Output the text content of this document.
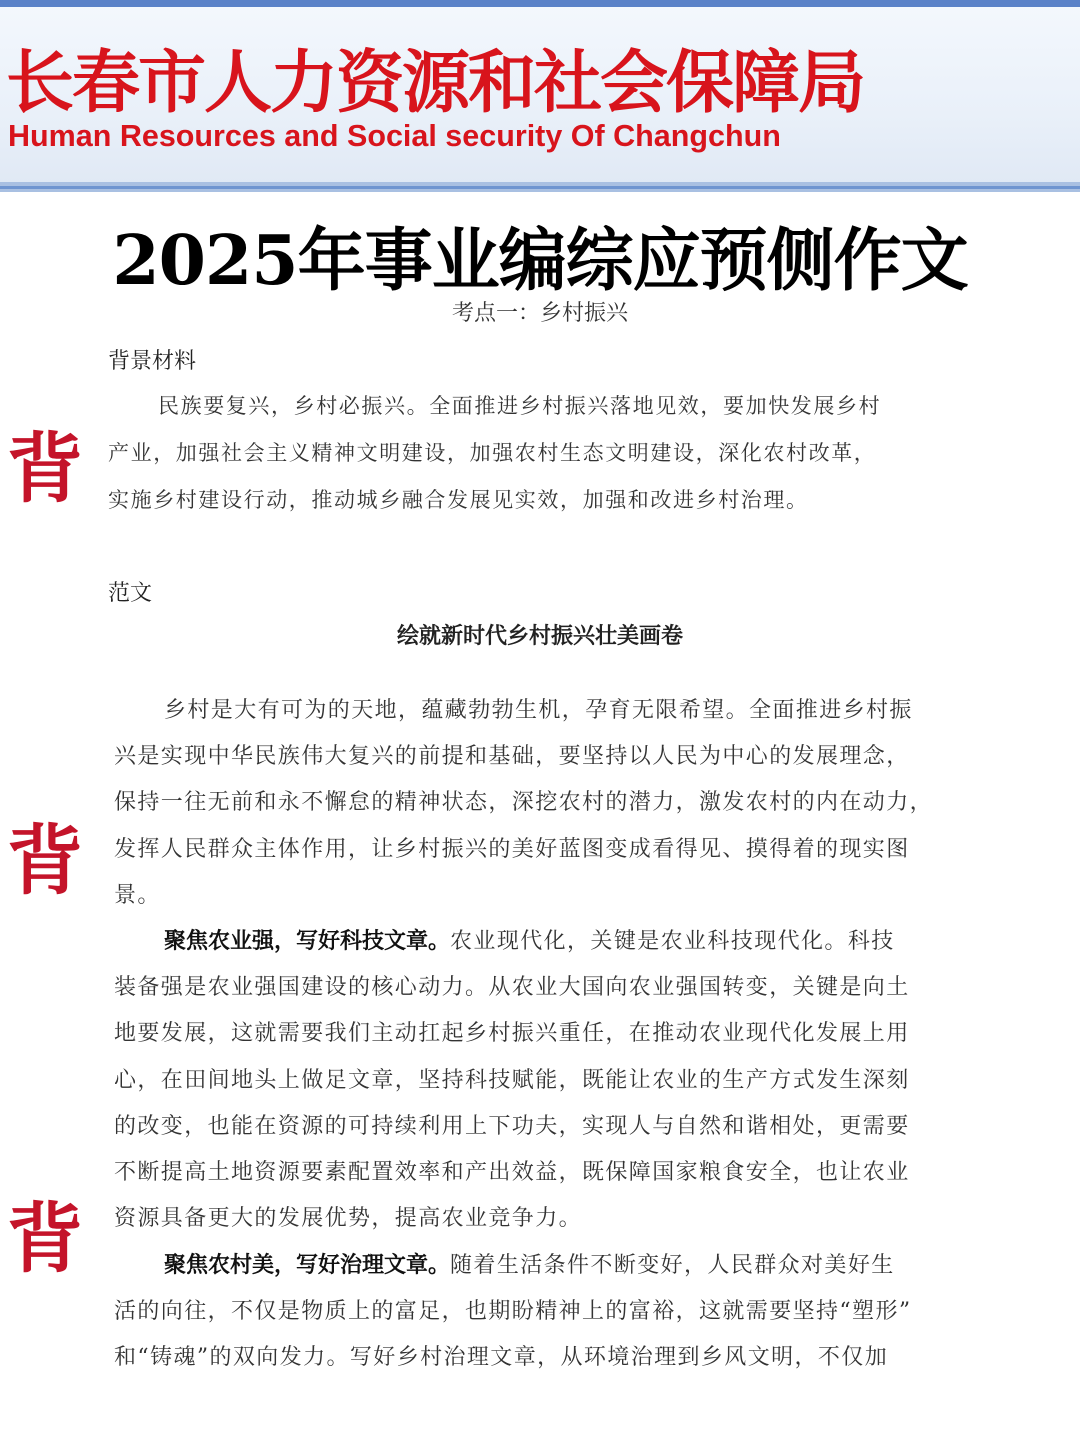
长春市人力资源和社会保障局
Human Resources and Social security Of Changchun
2025年事业编综应预侧作文
考点一：乡村振兴
背景材料
民族要复兴，乡村必振兴。全面推进乡村振兴落地见效，要加快发展乡村
产业，加强社会主义精神文明建设，加强农村生态文明建设，深化农村改革，
实施乡村建设行动，推动城乡融合发展见实效，加强和改进乡村治理。
范文
绘就新时代乡村振兴壮美画卷
乡村是大有可为的天地，蕴藏勃勃生机，孕育无限希望。全面推进乡村振
兴是实现中华民族伟大复兴的前提和基础，要坚持以人民为中心的发展理念，
保持一往无前和永不懈怠的精神状态，深挖农村的潜力，激发农村的内在动力，
发挥人民群众主体作用，让乡村振兴的美好蓝图变成看得见、摸得着的现实图
景。
聚焦农业强，写好科技文章。农业现代化，关键是农业科技现代化。科技
装备强是农业强国建设的核心动力。从农业大国向农业强国转变，关键是向土
地要发展，这就需要我们主动扛起乡村振兴重任，在推动农业现代化发展上用
心，在田间地头上做足文章，坚持科技赋能，既能让农业的生产方式发生深刻
的改变，也能在资源的可持续利用上下功夫，实现人与自然和谐相处，更需要
不断提高土地资源要素配置效率和产出效益，既保障国家粮食安全，也让农业
资源具备更大的发展优势，提高农业竞争力。
聚焦农村美，写好治理文章。随着生活条件不断变好，人民群众对美好生
活的向往，不仅是物质上的富足，也期盼精神上的富裕，这就需要坚持“塑形”
和“铸魂”的双向发力。写好乡村治理文章，从环境治理到乡风文明，不仅加
背
背
背
